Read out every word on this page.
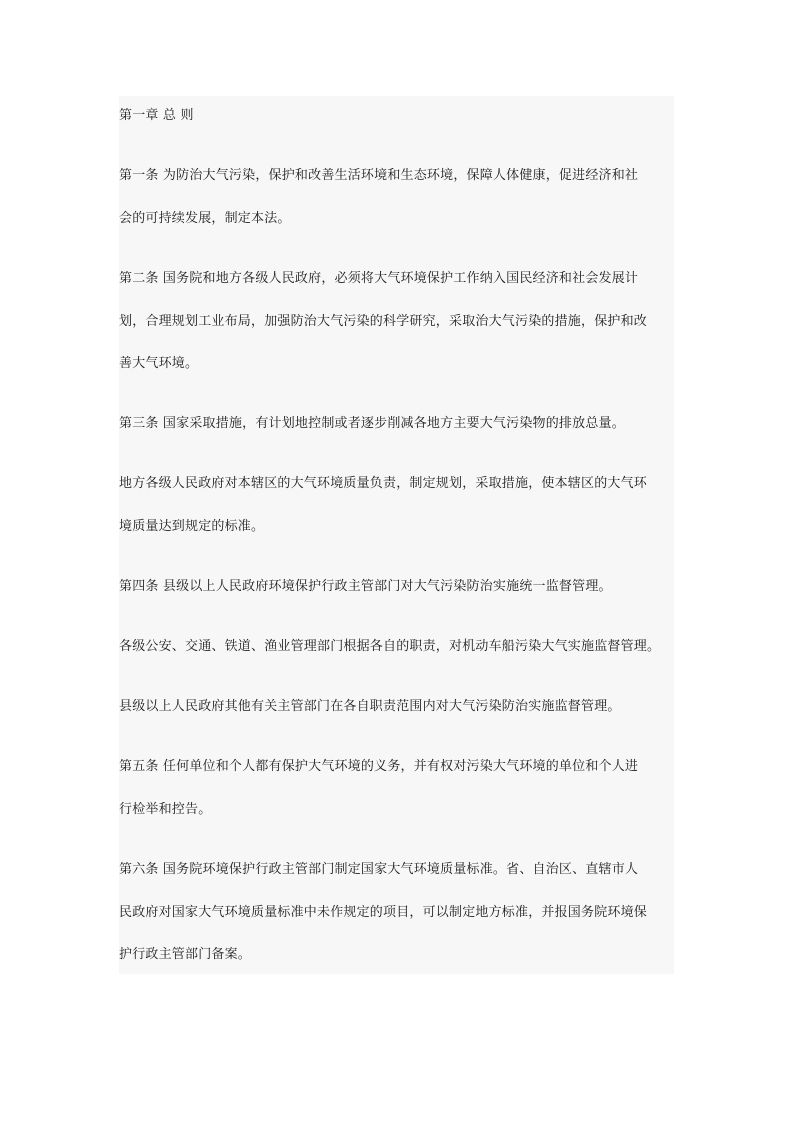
第一章 总 则
第一条 为防治大气污染，保护和改善生活环境和生态环境，保障人体健康，促进经济和社
会的可持续发展，制定本法。
第二条 国务院和地方各级人民政府，必须将大气环境保护工作纳入国民经济和社会发展计
划，合理规划工业布局，加强防治大气污染的科学研究，采取治大气污染的措施，保护和改
善大气环境。
第三条 国家采取措施，有计划地控制或者逐步削减各地方主要大气污染物的排放总量。
地方各级人民政府对本辖区的大气环境质量负责，制定规划，采取措施，使本辖区的大气环
境质量达到规定的标准。
第四条 县级以上人民政府环境保护行政主管部门对大气污染防治实施统一监督管理。
各级公安、交通、铁道、渔业管理部门根据各自的职责，对机动车船污染大气实施监督管理。
县级以上人民政府其他有关主管部门在各自职责范围内对大气污染防治实施监督管理。
第五条 任何单位和个人都有保护大气环境的义务，并有权对污染大气环境的单位和个人进
行检举和控告。
第六条 国务院环境保护行政主管部门制定国家大气环境质量标准。省、自治区、直辖市人
民政府对国家大气环境质量标准中未作规定的项目，可以制定地方标准，并报国务院环境保
护行政主管部门备案。
